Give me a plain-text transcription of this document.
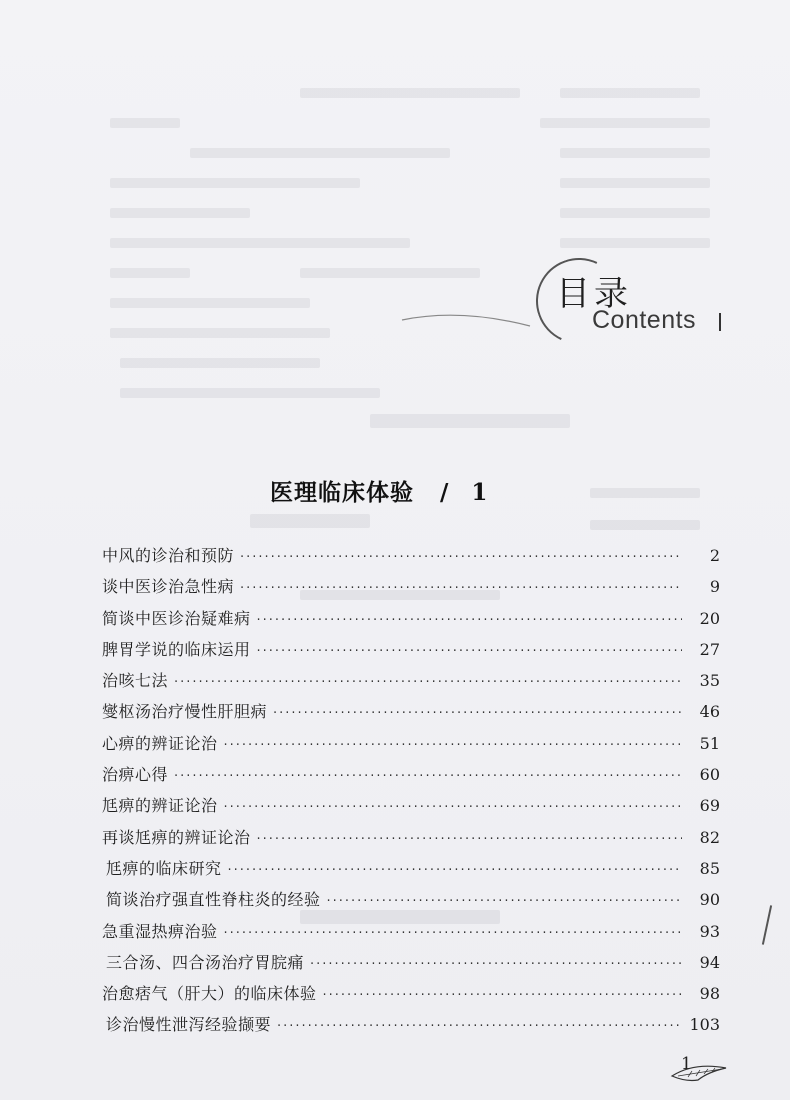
目录
Contents
医理临床体验 / 1
中风的诊治和预防 ·····	2
谈中医诊治急性病 ·····	9
简谈中医诊治疑难病 ·····	20
脾胃学说的临床运用 ·····	27
治咳七法 ·····	35
燮枢汤治疗慢性肝胆病 ·····	46
心痹的辨证论治 ·····	51
治痹心得 ·····	60
尪痹的辨证论治 ·····	69
再谈尪痹的辨证论治 ·····	82
尪痹的临床研究 ·····	85
简谈治疗强直性脊柱炎的经验 ·····	90
急重湿热痹治验 ·····	93
三合汤、四合汤治疗胃脘痛 ·····	94
治愈痞气（肝大）的临床体验 ·····	98
诊治慢性泄泻经验撷要 ·····	103
1
